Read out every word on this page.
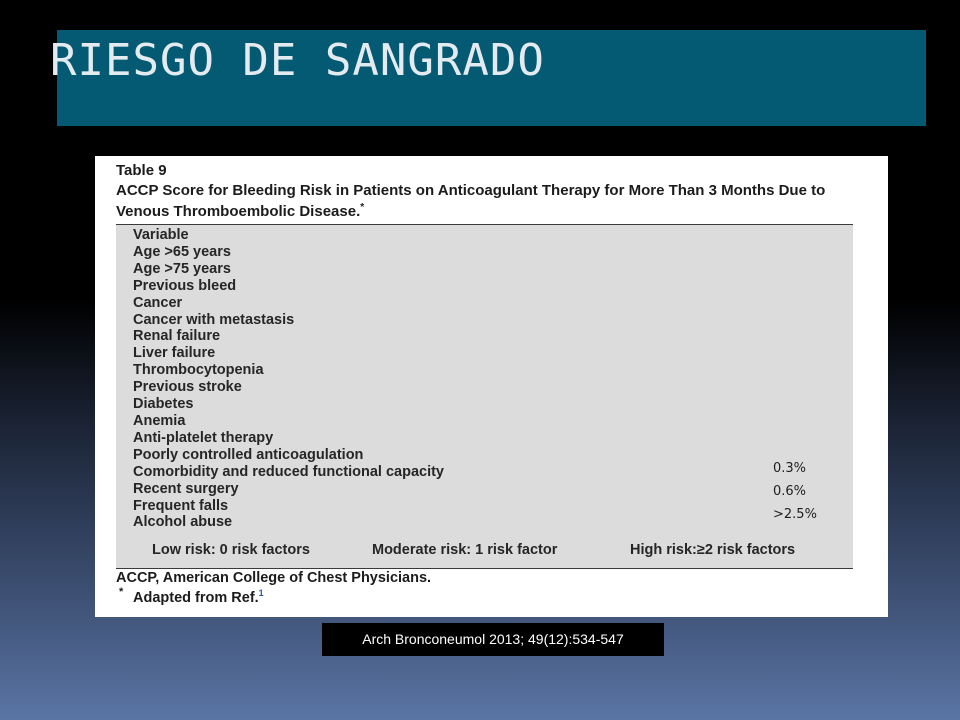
RIESGO DE SANGRADO
Table 9
ACCP Score for Bleeding Risk in Patients on Anticoagulant Therapy for More Than 3 Months Due to Venous Thromboembolic Disease.*
Variable
Age >65 years
Age >75 years
Previous bleed
Cancer
Cancer with metastasis
Renal failure
Liver failure
Thrombocytopenia
Previous stroke
Diabetes
Anemia
Anti-platelet therapy
Poorly controlled anticoagulation
Comorbidity and reduced functional capacity
Recent surgery
Frequent falls
Alcohol abuse
0.3%
0.6%
>2.5%
Low risk: 0 risk factors	Moderate risk: 1 risk factor	High risk:≥2 risk factors
ACCP, American College of Chest Physicians.
* Adapted from Ref.$^1$
Arch Bronconeumol 2013; 49(12):534-547
